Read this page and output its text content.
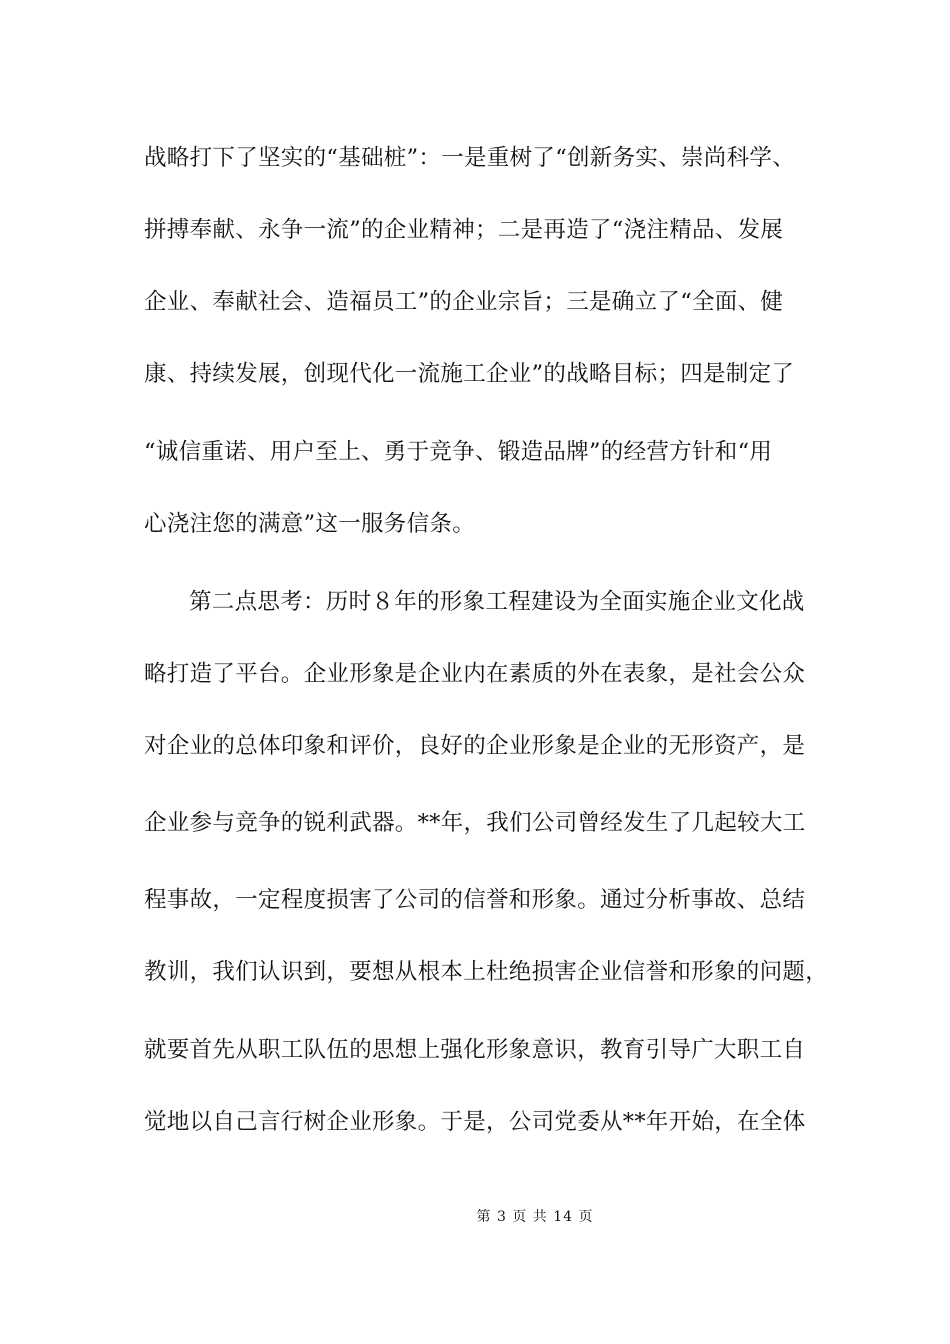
战略打下了坚实的“基础桩”：一是重树了“创新务实、崇尚科学、
拼搏奉献、永争一流”的企业精神；二是再造了“浇注精品、发展
企业、奉献社会、造福员工”的企业宗旨；三是确立了“全面、健
康、持续发展，创现代化一流施工企业”的战略目标；四是制定了
“诚信重诺、用户至上、勇于竞争、锻造品牌”的经营方针和“用
心浇注您的满意”这一服务信条。
第二点思考：历时８年的形象工程建设为全面实施企业文化战
略打造了平台。企业形象是企业内在素质的外在表象，是社会公众
对企业的总体印象和评价，良好的企业形象是企业的无形资产，是
企业参与竞争的锐利武器。**年，我们公司曾经发生了几起较大工
程事故，一定程度损害了公司的信誉和形象。通过分析事故、总结
教训，我们认识到，要想从根本上杜绝损害企业信誉和形象的问题，
就要首先从职工队伍的思想上强化形象意识，教育引导广大职工自
觉地以自己言行树企业形象。于是，公司党委从**年开始，在全体
第 3 页 共 14 页
